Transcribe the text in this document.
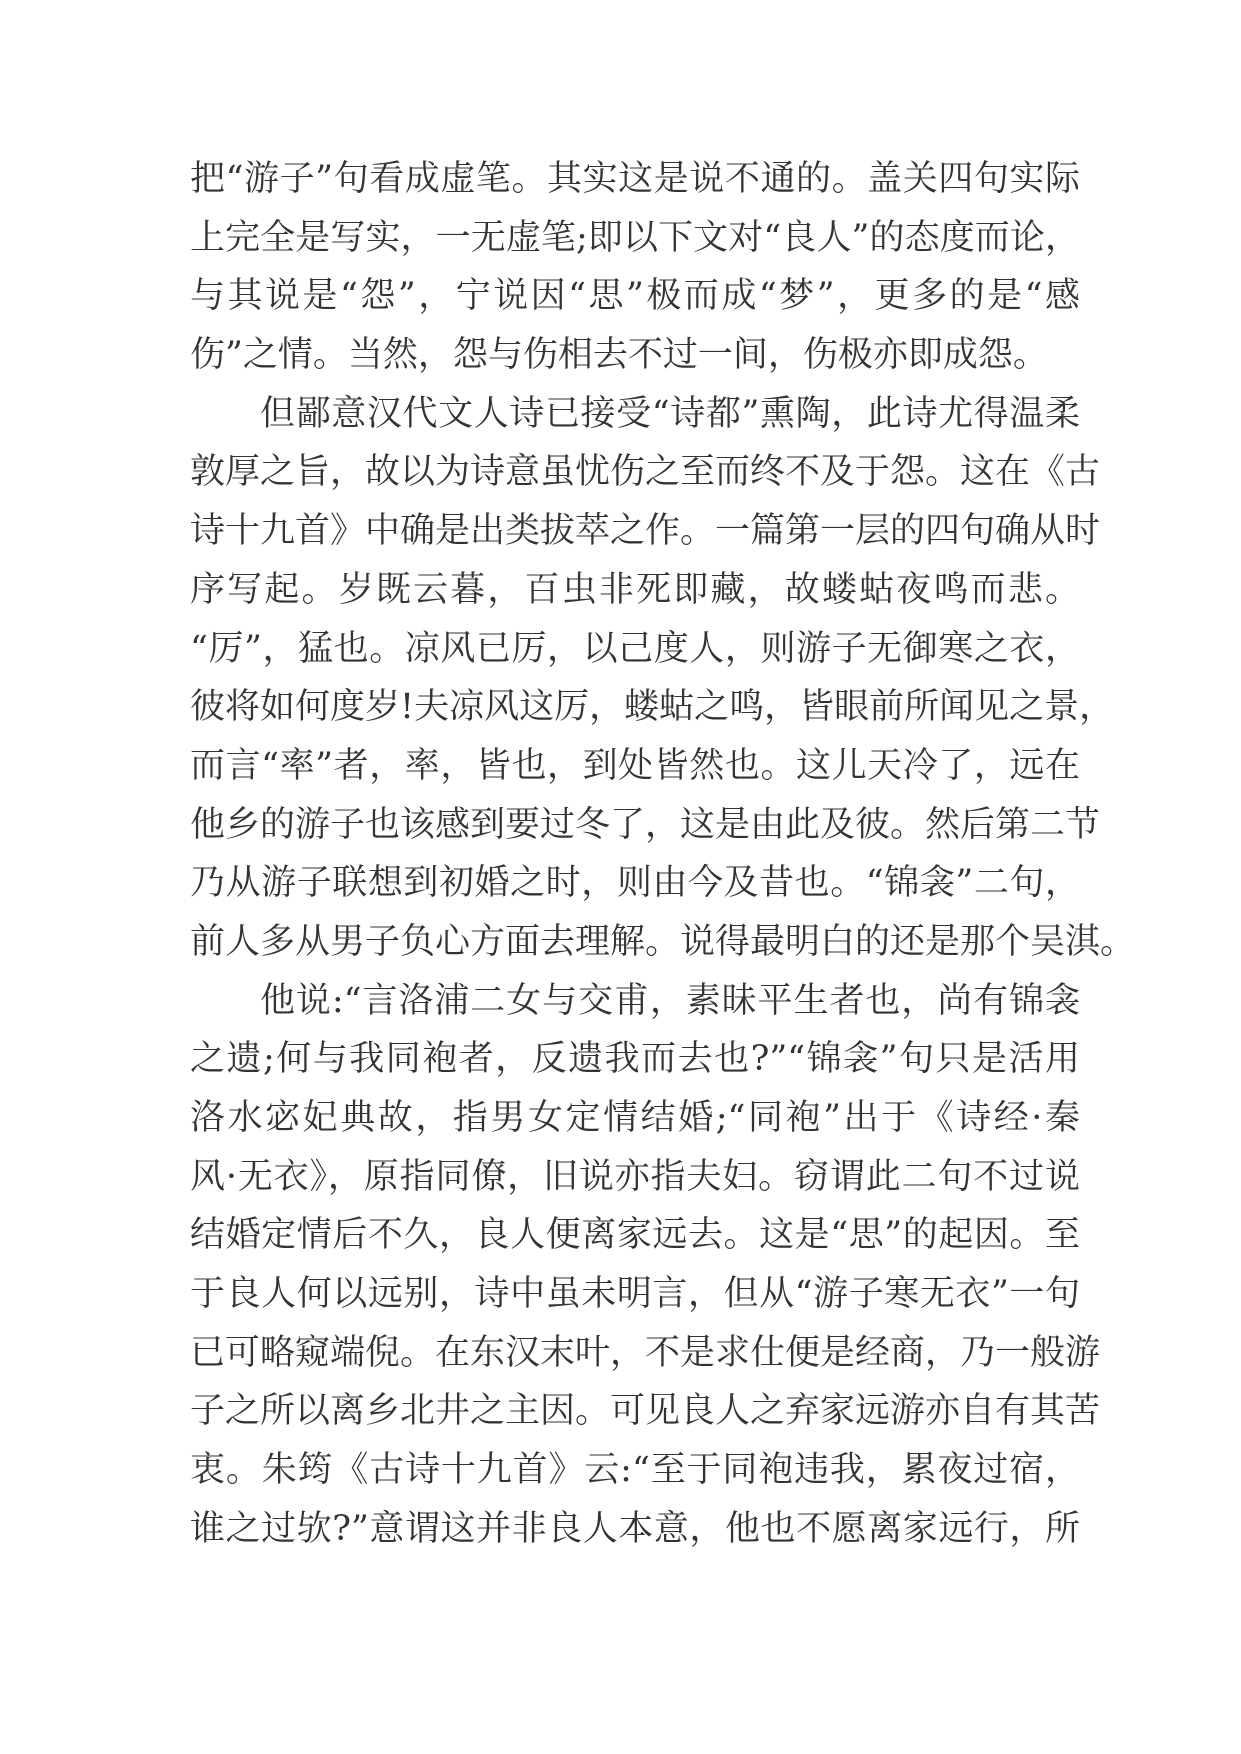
把“游子”句看成虚笔。其实这是说不通的。盖关四句实际
上完全是写实，一无虚笔;即以下文对“良人”的态度而论，
与其说是“怨”，宁说因“思”极而成“梦”，更多的是“感
伤”之情。当然，怨与伤相去不过一间，伤极亦即成怨。
但鄙意汉代文人诗已接受“诗都”熏陶，此诗尤得温柔
敦厚之旨，故以为诗意虽忧伤之至而终不及于怨。这在《古
诗十九首》中确是出类拔萃之作。一篇第一层的四句确从时
序写起。岁既云暮，百虫非死即藏，故蝼蛄夜鸣而悲。
“厉”，猛也。凉风已厉，以己度人，则游子无御寒之衣，
彼将如何度岁!夫凉风这厉，蝼蛄之鸣，皆眼前所闻见之景，
而言“率”者，率，皆也，到处皆然也。这儿天冷了，远在
他乡的游子也该感到要过冬了，这是由此及彼。然后第二节
乃从游子联想到初婚之时，则由今及昔也。“锦衾”二句，
前人多从男子负心方面去理解。说得最明白的还是那个吴淇。
他说:“言洛浦二女与交甫，素昧平生者也，尚有锦衾
之遗;何与我同袍者，反遗我而去也?”“锦衾”句只是活用
洛水宓妃典故，指男女定情结婚;“同袍”出于《诗经·秦
风·无衣》，原指同僚，旧说亦指夫妇。窃谓此二句不过说
结婚定情后不久，良人便离家远去。这是“思”的起因。至
于良人何以远别，诗中虽未明言，但从“游子寒无衣”一句
已可略窥端倪。在东汉末叶，不是求仕便是经商，乃一般游
子之所以离乡北井之主因。可见良人之弃家远游亦自有其苦
衷。朱筠《古诗十九首》云:“至于同袍违我，累夜过宿，
谁之过欤?”意谓这并非良人本意，他也不愿离家远行，所
